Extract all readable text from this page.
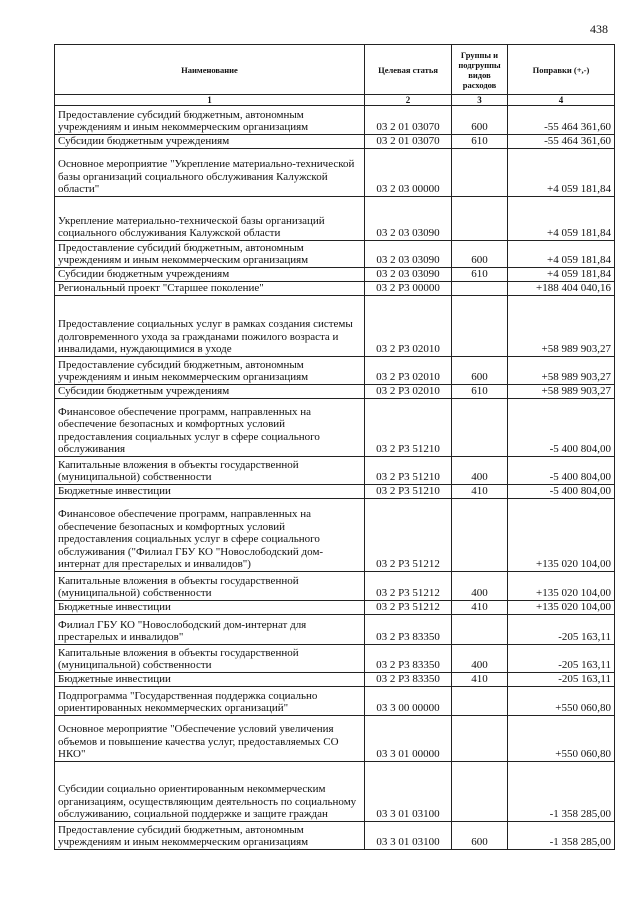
438
Наименование	Целевая статья	Группы и подгруппы видов расходов	Поправки (+,-)
1	2	3	4
Предоставление субсидий бюджетным, автономным учреждениям и иным некоммерческим организациям	03 2 01 03070	600	-55 464 361,60
Субсидии бюджетным учреждениям	03 2 01 03070	610	-55 464 361,60
Основное мероприятие "Укрепление материально-технической базы организаций социального обслуживания Калужской области"	03 2 03 00000		+4 059 181,84
Укрепление материально-технической базы организаций социального обслуживания Калужской области	03 2 03 03090		+4 059 181,84
Предоставление субсидий бюджетным, автономным учреждениям и иным некоммерческим организациям	03 2 03 03090	600	+4 059 181,84
Субсидии бюджетным учреждениям	03 2 03 03090	610	+4 059 181,84
Региональный проект "Старшее поколение"	03 2 P3 00000		+188 404 040,16
Предоставление социальных услуг в рамках создания системы долговременного ухода за гражданами пожилого возраста и инвалидами, нуждающимися в уходе	03 2 P3 02010		+58 989 903,27
Предоставление субсидий бюджетным, автономным учреждениям и иным некоммерческим организациям	03 2 P3 02010	600	+58 989 903,27
Субсидии бюджетным учреждениям	03 2 P3 02010	610	+58 989 903,27
Финансовое обеспечение программ, направленных на обеспечение безопасных и комфортных условий предоставления социальных услуг в сфере социального обслуживания	03 2 P3 51210		-5 400 804,00
Капитальные вложения в объекты государственной (муниципальной) собственности	03 2 P3 51210	400	-5 400 804,00
Бюджетные инвестиции	03 2 P3 51210	410	-5 400 804,00
Финансовое обеспечение программ, направленных на обеспечение безопасных и комфортных условий предоставления социальных услуг в сфере социального обслуживания ("Филиал ГБУ КО "Новослободский дом-интернат для престарелых и инвалидов")	03 2 P3 51212		+135 020 104,00
Капитальные вложения в объекты государственной (муниципальной) собственности	03 2 P3 51212	400	+135 020 104,00
Бюджетные инвестиции	03 2 P3 51212	410	+135 020 104,00
Филиал ГБУ КО "Новослободский дом-интернат для престарелых и инвалидов"	03 2 P3 83350		-205 163,11
Капитальные вложения в объекты государственной (муниципальной) собственности	03 2 P3 83350	400	-205 163,11
Бюджетные инвестиции	03 2 P3 83350	410	-205 163,11
Подпрограмма "Государственная поддержка социально ориентированных некоммерческих организаций"	03 3 00 00000		+550 060,80
Основное мероприятие "Обеспечение условий увеличения объемов и повышение качества услуг, предоставляемых СО НКО"	03 3 01 00000		+550 060,80
Субсидии социально ориентированным некоммерческим организациям, осуществляющим деятельность по социальному обслуживанию, социальной поддержке и защите граждан	03 3 01 03100		-1 358 285,00
Предоставление субсидий бюджетным, автономным учреждениям и иным некоммерческим организациям	03 3 01 03100	600	-1 358 285,00
